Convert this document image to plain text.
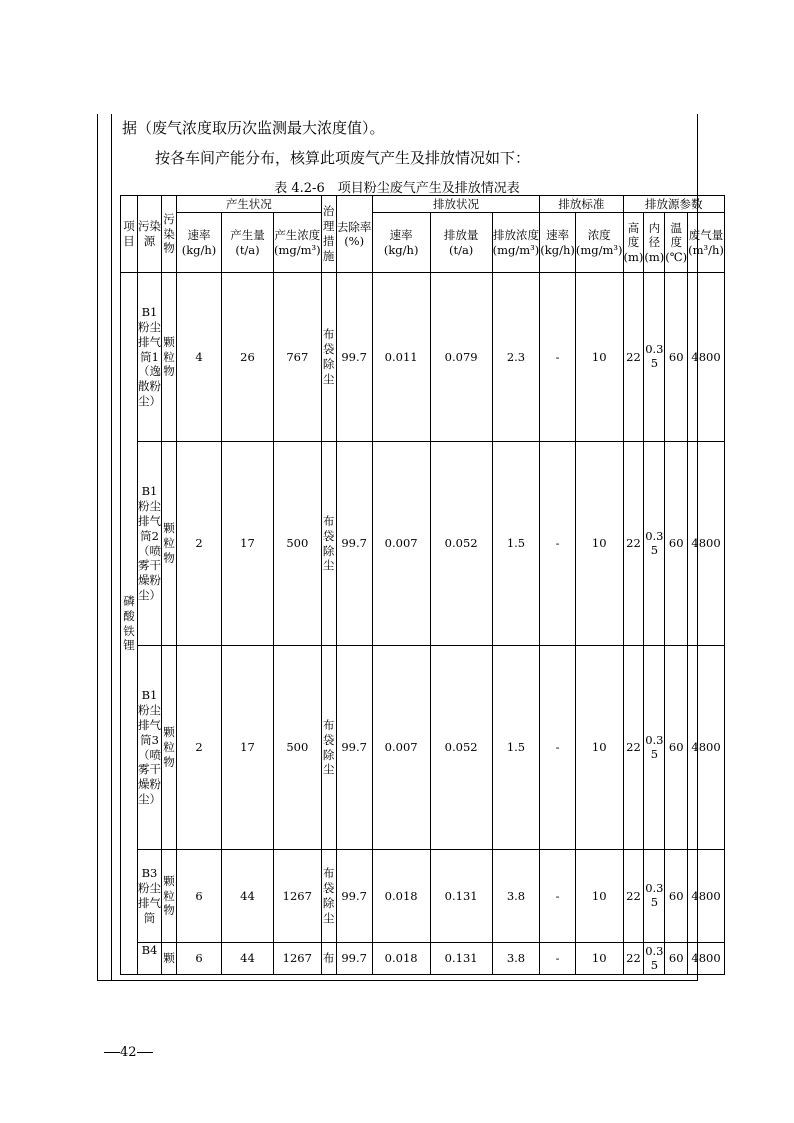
据（废气浓度取历次监测最大浓度值）。
按各车间产能分布，核算此项废气产生及排放情况如下：
表 4.2-6　项目粉尘废气产生及排放情况表
项目	污染源	污染物	产生状况			治理措施	去除率 (%)	排放状况			排放标准		排放源参数			
			速率 (kg/h)	产生量 (t/a)	产生浓度 (mg/m³)			速率 (kg/h)	排放量 (t/a)	排放浓度 (mg/m³)	速率 (kg/h)	浓度 (mg/m³)	高度 (m)	内径 (m)	温度 (℃)	废气量 (m³/h)
磷酸铁锂	B1粉尘排气筒1（逸散粉尘）	颗粒物	4	26	767	布袋除尘	99.7	0.011	0.079	2.3	-	10	22	0.35	60	4800
	B1粉尘排气筒2（喷雾干燥粉尘）	颗粒物	2	17	500	布袋除尘	99.7	0.007	0.052	1.5	-	10	22	0.35	60	4800
	B1粉尘排气筒3（喷雾干燥粉尘）	颗粒物	2	17	500	布袋除尘	99.7	0.007	0.052	1.5	-	10	22	0.35	60	4800
	B3粉尘排气筒	颗粒物	6	44	1267	布袋除尘	99.7	0.018	0.131	3.8	-	10	22	0.35	60	4800
	B4	颗	6	44	1267	布	99.7	0.018	0.131	3.8	-	10	22	0.35	60	4800
42
